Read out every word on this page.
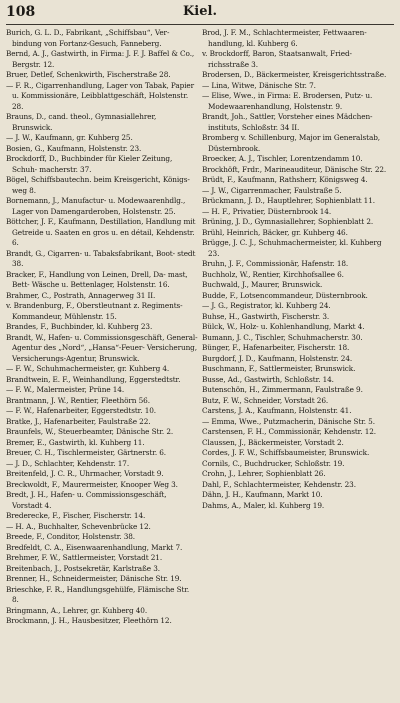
108	Kiel.
Burich, G. L. D., Fabrikant, „Schiffsbau“, Ver- bindung von Fortanz-Gesuch, Fanneberg.
Bernd, A. J., Gastwirth, in Firma: J. F. J. Baffel & Co., Bergstr. 12.
Bruer, Detlef, Schenkwirth, Fischerstraße 28.
— F. R., Cigarrenhandlung, Lager von Tabak, Papier u. Kommissionäre, Leibblattgeschäft, Holstenstr. 28.
Brauns, D., cand. theol., Gymnasiallehrer, Brunswick.
— J. W., Kaufmann, gr. Kuhberg 25.
Bosien, G., Kaufmann, Holstenstr. 23.
Brockdorff, D., Buchbinder für Kieler Zeitung, Schuh- macherstr. 37.
Bögel, Schiffsbautechn. beim Kreisgericht, Königs- weg 8.
Bornemann, J., Manufactur- u. Modewaarenhdlg., Lager von Damengarderoben, Holstenstr. 25.
Böttcher, J. F., Kaufmann, Destillation, Handlung mit Getreide u. Saaten en gros u. en détail, Kehdenstr. 6.
Brandt, G., Cigarren- u. Tabaksfabrikant, Boot- stedt 38.
Bracker, F., Handlung von Leinen, Drell, Da- mast, Bett- Wäsche u. Bettenlager, Holstenstr. 16.
Brahmer, C., Postrath, Annagerweg 31 II.
v. Brandenburg, F., Oberstleutnant z. Regiments- Kommandeur, Mühlenstr. 15.
Brandes, F., Buchbinder, kl. Kuhberg 23.
Brandt, W., Hafen- u. Commissionsgeschäft, General-Agentur des „Nord“, „Hansa“-Feuer- Versicherung, Versicherungs-Agentur, Brunswick.
— F. W., Schuhmachermeister, gr. Kuhberg 4.
Brandtwein, E. F., Weinhandlung, Eggerstedtstr.
— F. W., Malermeister, Prüne 14.
Brantmann, J. W., Rentier, Fleethörn 56.
— F. W., Hafenarbeiter, Eggerstedtstr. 10.
Bratke, J., Hafenarbeiter, Faulstraße 22.
Braunfels, W., Steuerbeamter, Dänische Str. 2.
Bremer, E., Gastwirth, kl. Kuhberg 11.
Breuer, C. H., Tischlermeister, Gärtnerstr. 6.
— J. D., Schlachter, Kehdenstr. 17.
Breitenfeld, J. C. R., Uhrmacher, Vorstadt 9.
Breckwoldt, F., Maurermeister, Knooper Weg 3.
Bredt, J. H., Hafen- u. Commissionsgeschäft, Vorstadt 4.
Brederecke, F., Fischer, Fischerstr. 14.
— H. A., Buchhalter, Schevenbrücke 12.
Breede, F., Conditor, Holstenstr. 38.
Bredfeldt, C. A., Eisenwaarenhandlung, Markt 7.
Brehmer, F. W., Sattlermeister, Vorstadt 21.
Breitenbach, J., Postsekretär, Karlstraße 3.
Brenner, H., Schneidermeister, Dänische Str. 19.
Brieschke, F. R., Handlungsgehülfe, Flämische Str. 8.
Bringmann, A., Lehrer, gr. Kuhberg 40.
Brockmann, J. H., Hausbesitzer, Fleethörn 12.
Brod, J. F. M., Schlachtermeister, Fettwaaren- handlung, kl. Kuhberg 6.
v. Brockdorff, Baron, Staatsanwalt, Fried- richsstraße 3.
Brodersen, D., Bäckermeister, Kreisgerichtsstraße.
— Lina, Witwe, Dänische Str. 7.
— Elise, Wwe., in Firma: E. Brodersen, Putz- u. Modewaarenhandlung, Holstenstr. 9.
Brandt, Joh., Sattler, Vorsteher eines Mädchen- instituts, Schloßstr. 34 II.
Bromberg v. Schillenburg, Major im Generalstab, Düsternbrook.
Broecker, A. J., Tischler, Lorentzendamm 10.
Brockhöft, Frdr., Marineauditeur, Dänische Str. 22.
Brüdt, F., Kaufmann, Rathsherr, Königsweg 4.
— J. W., Cigarrenmacher, Faulstraße 5.
Brückmann, J. D., Hauptlehrer, Sophienblatt 11.
— H. F., Privatier, Düsternbrook 14.
Brüning, J. D., Gymnasiallehrer, Sophienblatt 2.
Brühl, Heinrich, Bäcker, gr. Kuhberg 46.
Brügge, J. C. J., Schuhmachermeister, kl. Kuhberg 23.
Bruhn, J. F., Commissionär, Hafenstr. 18.
Buchholz, W., Rentier, Kirchhofsallee 6.
Buchwald, J., Maurer, Brunswick.
Budde, F., Lotsencommandeur, Düsternbrook.
— J. G., Registrator, kl. Kuhberg 24.
Buhse, H., Gastwirth, Fischerstr. 3.
Bülck, W., Holz- u. Kohlenhandlung, Markt 4.
Bumann, J. C., Tischler, Schuhmacherstr. 30.
Bünger, F., Hafenarbeiter, Fischerstr. 18.
Burgdorf, J. D., Kaufmann, Holstenstr. 24.
Buschmann, F., Sattlermeister, Brunswick.
Busse, Ad., Gastwirth, Schloßstr. 14.
Butenschön, H., Zimmermann, Faulstraße 9.
Butz, F. W., Schneider, Vorstadt 26.
Carstens, J. A., Kaufmann, Holstenstr. 41.
— Emma, Wwe., Putzmacherin, Dänische Str. 5.
Carstensen, F. H., Commissionär, Kehdenstr. 12.
Claussen, J., Bäckermeister, Vorstadt 2.
Cordes, J. F. W., Schiffsbaumeister, Brunswick.
Cornils, C., Buchdrucker, Schloßstr. 19.
Crohn, J., Lehrer, Sophienblatt 26.
Dahl, F., Schlachtermeister, Kehdenstr. 23.
Dähn, J. H., Kaufmann, Markt 10.
Dahms, A., Maler, kl. Kuhberg 19.
